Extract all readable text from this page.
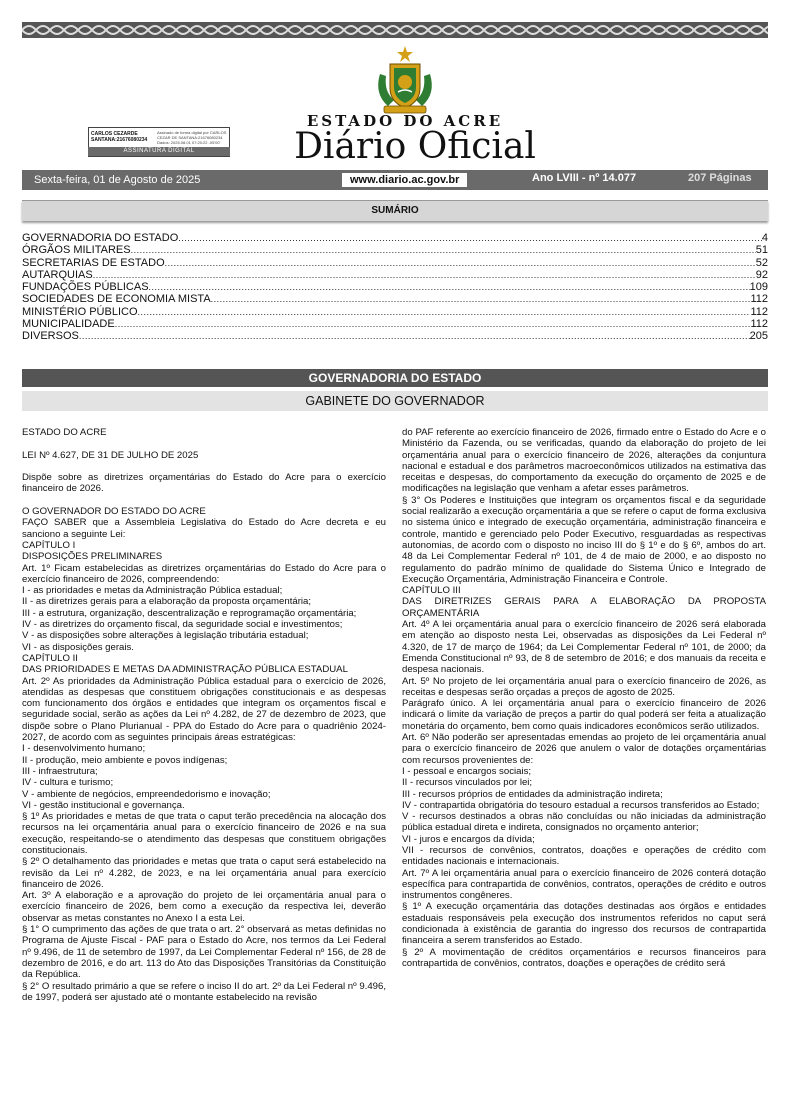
ESTADO DO ACRE
Diário Oficial
CARLOS CEZARDE
SANTANA:21676080234
Assinado de forma digital por CARLOS
CEZAR DE SANTANA:21676080234
Dados: 2025.08.01 07:20:22 -05'00'
ASSINATURA DIGITAL
Sexta-feira, 01 de Agosto de 2025	www.diario.ac.gov.br	Ano LVIII - nº 14.077	207 Páginas
SUMÁRIO
GOVERNADORIA DO ESTADO .....	4
ÓRGÃOS MILITARES .....	51
SECRETARIAS DE ESTADO .....	52
AUTARQUIAS .....	92
FUNDAÇÕES PÚBLICAS .....	109
SOCIEDADES DE ECONOMIA MISTA .....	112
MINISTÉRIO PÚBLICO .....	112
MUNICIPALIDADE .....	112
DIVERSOS .....	205
GOVERNADORIA DO ESTADO
GABINETE DO GOVERNADOR

ESTADO DO ACRE

LEI Nº 4.627, DE 31 DE JULHO DE 2025

Dispõe sobre as diretrizes orçamentárias do Estado do Acre para o exercício financeiro de 2026.

O GOVERNADOR DO ESTADO DO ACRE

FAÇO SABER que a Assembleia Legislativa do Estado do Acre decreta e eu sanciono a seguinte Lei:

CAPÍTULO I

DISPOSIÇÕES PRELIMINARES

Art. 1º Ficam estabelecidas as diretrizes orçamentárias do Estado do Acre para o exercício financeiro de 2026, compreendendo:

I - as prioridades e metas da Administração Pública estadual;

II - as diretrizes gerais para a elaboração da proposta orçamentária;

III - a estrutura, organização, descentralização e reprogramação orçamentária;

IV - as diretrizes do orçamento fiscal, da seguridade social e investimentos;

V - as disposições sobre alterações à legislação tributária estadual;

VI - as disposições gerais.

CAPÍTULO II

DAS PRIORIDADES E METAS DA ADMINISTRAÇÃO PÚBLICA ESTADUAL

Art. 2º As prioridades da Administração Pública estadual para o exercício de 2026, atendidas as despesas que constituem obrigações constitucionais e as despesas com funcionamento dos órgãos e entidades que integram os orçamentos fiscal e seguridade social, serão as ações da Lei nº 4.282, de 27 de dezembro de 2023, que dispõe sobre o Plano Plurianual - PPA do Estado do Acre para o quadriênio 2024-2027, de acordo com as seguintes principais áreas estratégicas:

I - desenvolvimento humano;

II - produção, meio ambiente e povos indígenas;

III - infraestrutura;

IV - cultura e turismo;

V - ambiente de negócios, empreendedorismo e inovação;

VI - gestão institucional e governança.

§ 1º As prioridades e metas de que trata o caput terão precedência na alocação dos recursos na lei orçamentária anual para o exercício financeiro de 2026 e na sua execução, respeitando-se o atendimento das despesas que constituem obrigações constitucionais.

§ 2º O detalhamento das prioridades e metas que trata o caput será estabelecido na revisão da Lei nº 4.282, de 2023, e na lei orçamentária anual para exercício financeiro de 2026.

Art. 3º A elaboração e a aprovação do projeto de lei orçamentária anual para o exercício financeiro de 2026, bem como a execução da respectiva lei, deverão observar as metas constantes no Anexo I a esta Lei.

§ 1° O cumprimento das ações de que trata o art. 2° observará as metas definidas no Programa de Ajuste Fiscal - PAF para o Estado do Acre, nos termos da Lei Federal nº 9.496, de 11 de setembro de 1997, da Lei Complementar Federal nº 156, de 28 de dezembro de 2016, e do art. 113 do Ato das Disposições Transitórias da Constituição da República.

§ 2° O resultado primário a que se refere o inciso II do art. 2º da Lei Federal nº 9.496, de 1997, poderá ser ajustado até o montante estabelecido na revisão

do PAF referente ao exercício financeiro de 2026, firmado entre o Estado do Acre e o Ministério da Fazenda, ou se verificadas, quando da elaboração do projeto de lei orçamentária anual para o exercício financeiro de 2026, alterações da conjuntura nacional e estadual e dos parâmetros macroeconômicos utilizados na estimativa das receitas e despesas, do comportamento da execução do orçamento de 2025 e de modificações na legislação que venham a afetar esses parâmetros.

§ 3° Os Poderes e Instituições que integram os orçamentos fiscal e da seguridade social realizarão a execução orçamentária a que se refere o caput de forma exclusiva no sistema único e integrado de execução orçamentária, administração financeira e controle, mantido e gerenciado pelo Poder Executivo, resguardadas as respectivas autonomias, de acordo com o disposto no inciso III do § 1º e do § 6º, ambos do art. 48 da Lei Complementar Federal nº 101, de 4 de maio de 2000, e ao disposto no regulamento do padrão mínimo de qualidade do Sistema Único e Integrado de Execução Orçamentária, Administração Financeira e Controle.

CAPÍTULO III

DAS DIRETRIZES GERAIS PARA A ELABORAÇÃO DA PROPOSTA ORÇAMENTÁRIA

Art. 4º A lei orçamentária anual para o exercício financeiro de 2026 será elaborada em atenção ao disposto nesta Lei, observadas as disposições da Lei Federal nº 4.320, de 17 de março de 1964; da Lei Complementar Federal nº 101, de 2000; da Emenda Constitucional nº 93, de 8 de setembro de 2016; e dos manuais da receita e despesa nacionais.

Art. 5º No projeto de lei orçamentária anual para o exercício financeiro de 2026, as receitas e despesas serão orçadas a preços de agosto de 2025.

Parágrafo único. A lei orçamentária anual para o exercício financeiro de 2026 indicará o limite da variação de preços a partir do qual poderá ser feita a atualização monetária do orçamento, bem como quais indicadores econômicos serão utilizados.

Art. 6º Não poderão ser apresentadas emendas ao projeto de lei orçamentária anual para o exercício financeiro de 2026 que anulem o valor de dotações orçamentárias com recursos provenientes de:

I - pessoal e encargos sociais;

II - recursos vinculados por lei;

III - recursos próprios de entidades da administração indireta;

IV - contrapartida obrigatória do tesouro estadual a recursos transferidos ao Estado;

V - recursos destinados a obras não concluídas ou não iniciadas da administração pública estadual direta e indireta, consignados no orçamento anterior;

VI - juros e encargos da dívida;

VII - recursos de convênios, contratos, doações e operações de crédito com entidades nacionais e internacionais.

Art. 7º A lei orçamentária anual para o exercício financeiro de 2026 conterá dotação específica para contrapartida de convênios, contratos, operações de crédito e outros instrumentos congêneres.

§ 1º A execução orçamentária das dotações destinadas aos órgãos e entidades estaduais responsáveis pela execução dos instrumentos referidos no caput será condicionada à existência de garantia do ingresso dos recursos de contrapartida financeira a serem transferidos ao Estado.

§ 2º A movimentação de créditos orçamentários e recursos financeiros para contrapartida de convênios, contratos, doações e operações de crédito será
